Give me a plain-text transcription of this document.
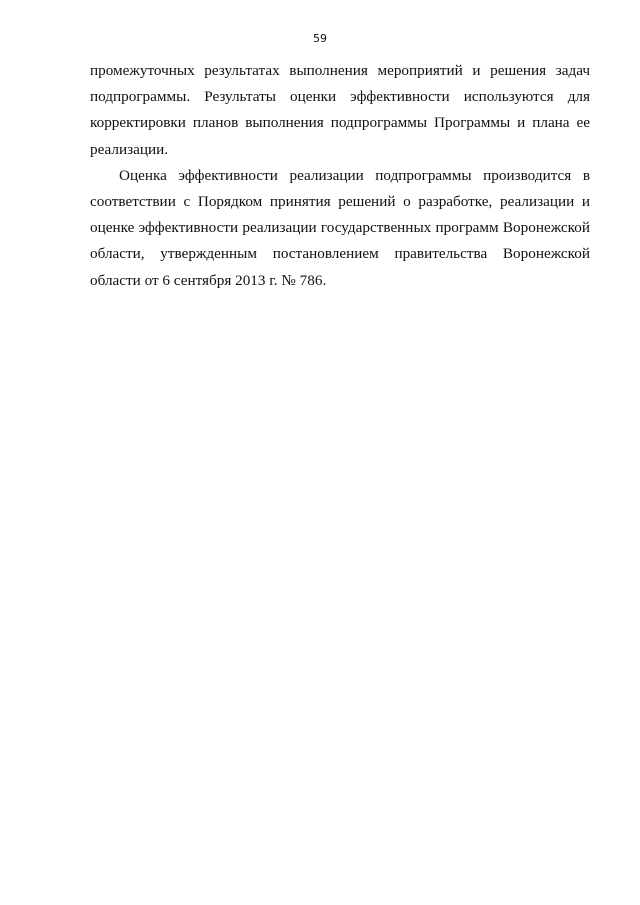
59

промежуточных результатах выполнения мероприятий и решения задач подпрограммы. Результаты оценки эффективности используются для корректировки планов выполнения подпрограммы Программы и плана ее реализации.

Оценка эффективности реализации подпрограммы производится в соответствии с Порядком принятия решений о разработке, реализации и оценке эффективности реализации государственных программ Воронежской области, утвержденным постановлением правительства Воронежской области от 6 сентября 2013 г. № 786.
